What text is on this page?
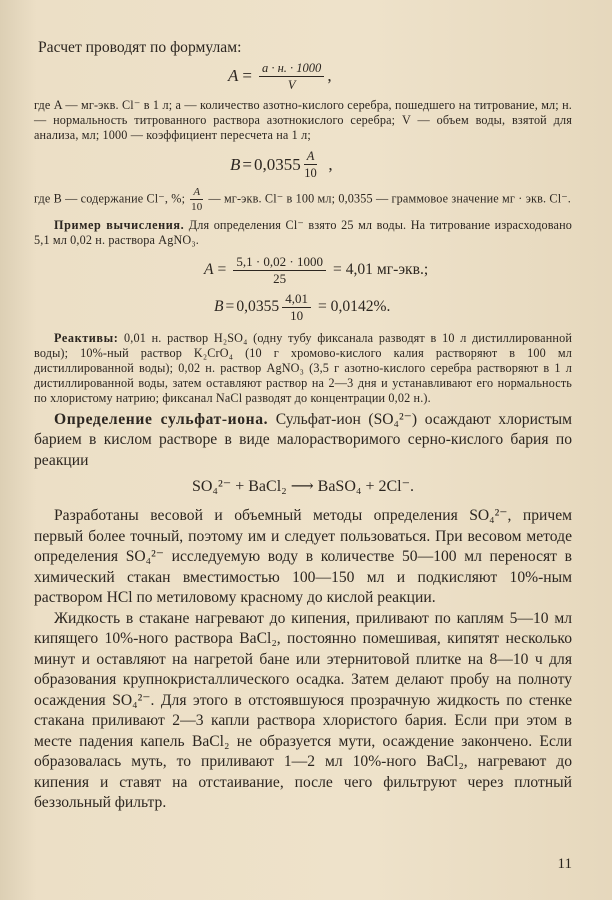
Расчет проводят по формулам:
$A = \frac{a \cdot н. \cdot 1000}{V}$ ,
где A — мг-экв. Cl⁻ в 1 л; a — количество азотно-кислого серебра, пошедшего на титрование, мл; н. — нормальность титрованного раствора азотнокислого серебра; V — объем воды, взятой для анализа, мл; 1000 — коэффициент пересчета на 1 л;
$B = 0,0355 \frac{A}{10}$ ,
где B — содержание Cl⁻, %; $\frac{A}{10}$ — мг-экв. Cl⁻ в 100 мл; 0,0355 — граммовое значение мг · экв. Cl⁻.
Пример вычисления. Для определения Cl⁻ взято 25 мл воды. На титрование израсходовано 5,1 мл 0,02 н. раствора AgNO₃.
$A = \frac{5,1 \cdot 0,02 \cdot 1000}{25} = 4,01$ мг-экв.;
$B = 0,0355 \frac{4,01}{10} = 0,0142\%$.
Реактивы: 0,01 н. раствор H₂SO₄ (одну тубу фиксанала разводят в 10 л дистиллированной воды); 10%-ный раствор K₂CrO₄ (10 г хромово-кислого калия растворяют в 100 мл дистиллированной воды); 0,02 н. раствор AgNO₃ (3,5 г азотно-кислого серебра растворяют в 1 л дистиллированной воды, затем оставляют раствор на 2—3 дня и устанавливают его нормальность по хлористому натрию; фиксанал NaCl разводят до концентрации 0,02 н.).
Определение сульфат-иона. Сульфат-ион (SO₄²⁻) осаждают хлористым барием в кислом растворе в виде малорастворимого серно-кислого бария по реакции
SO₄²⁻ + BaCl₂ ⟶ BaSO₄ + 2Cl⁻.
Разработаны весовой и объемный методы определения SO₄²⁻, причем первый более точный, поэтому им и следует пользоваться. При весовом методе определения SO₄²⁻ исследуемую воду в количестве 50—100 мл переносят в химический стакан вместимостью 100—150 мл и подкисляют 10%-ным раствором HCl по метиловому красному до кислой реакции.
Жидкость в стакане нагревают до кипения, приливают по каплям 5—10 мл кипящего 10%-ного раствора BaCl₂, постоянно помешивая, кипятят несколько минут и оставляют на нагретой бане или этернитовой плитке на 8—10 ч для образования крупнокристаллического осадка. Затем делают пробу на полноту осаждения SO₄²⁻. Для этого в отстоявшуюся прозрачную жидкость по стенке стакана приливают 2—3 капли раствора хлористого бария. Если при этом в месте падения капель BaCl₂ не образуется мути, осаждение закончено. Если образовалась муть, то приливают 1—2 мл 10%-ного BaCl₂, нагревают до кипения и ставят на отстаивание, после чего фильтруют через плотный беззольный фильтр.
11
